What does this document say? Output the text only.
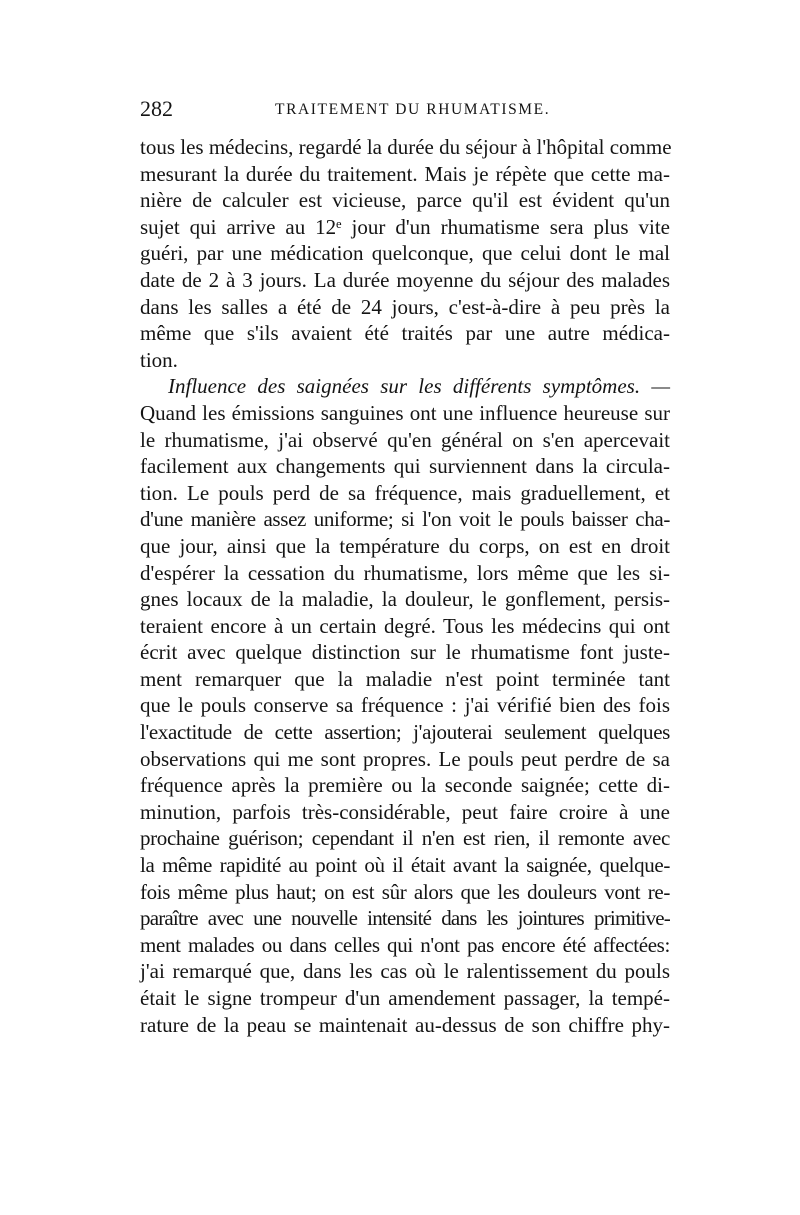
282	TRAITEMENT DU RHUMATISME.
tous les médecins, regardé la durée du séjour à l'hôpital comme
mesurant la durée du traitement. Mais je répète que cette ma-
nière de calculer est vicieuse, parce qu'il est évident qu'un
sujet qui arrive au 12ᵉ jour d'un rhumatisme sera plus vite
guéri, par une médication quelconque, que celui dont le mal
date de 2 à 3 jours. La durée moyenne du séjour des malades
dans les salles a été de 24 jours, c'est-à-dire à peu près la
même que s'ils avaient été traités par une autre médica-
tion.
Influence des saignées sur les différents symptômes. —
Quand les émissions sanguines ont une influence heureuse sur
le rhumatisme, j'ai observé qu'en général on s'en apercevait
facilement aux changements qui surviennent dans la circula-
tion. Le pouls perd de sa fréquence, mais graduellement, et
d'une manière assez uniforme; si l'on voit le pouls baisser cha-
que jour, ainsi que la température du corps, on est en droit
d'espérer la cessation du rhumatisme, lors même que les si-
gnes locaux de la maladie, la douleur, le gonflement, persis-
teraient encore à un certain degré. Tous les médecins qui ont
écrit avec quelque distinction sur le rhumatisme font juste-
ment remarquer que la maladie n'est point terminée tant
que le pouls conserve sa fréquence : j'ai vérifié bien des fois
l'exactitude de cette assertion; j'ajouterai seulement quelques
observations qui me sont propres. Le pouls peut perdre de sa
fréquence après la première ou la seconde saignée; cette di-
minution, parfois très-considérable, peut faire croire à une
prochaine guérison; cependant il n'en est rien, il remonte avec
la même rapidité au point où il était avant la saignée, quelque-
fois même plus haut; on est sûr alors que les douleurs vont re-
paraître avec une nouvelle intensité dans les jointures primitive-
ment malades ou dans celles qui n'ont pas encore été affectées:
j'ai remarqué que, dans les cas où le ralentissement du pouls
était le signe trompeur d'un amendement passager, la tempé-
rature de la peau se maintenait au-dessus de son chiffre phy-
